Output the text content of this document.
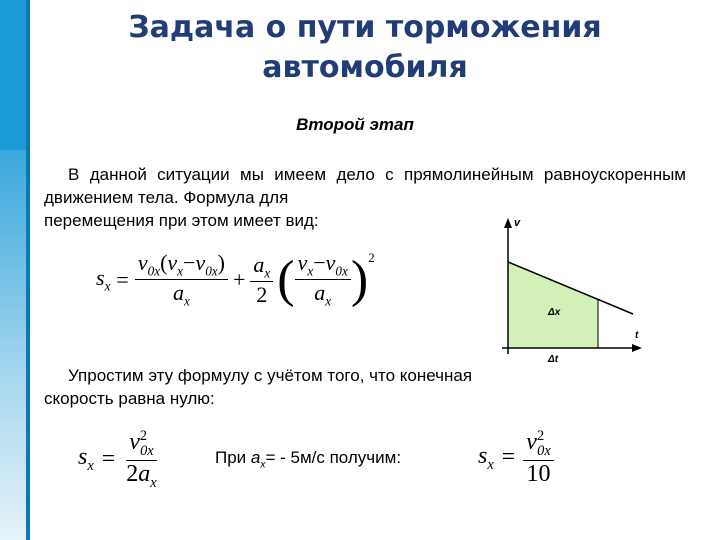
Задача о пути торможения
автомобиля
Второй этап
В данной ситуации мы имеем дело с прямолинейным равноускоренным движением тела. Формула для
перемещения при этом имеет вид:
$s_x = \frac{v_{0x}(v_x-v_{0x})}{a_x} + \frac{a_x}{2}$ ( $\frac{v_x-v_{0x}}{a_x} )^2$
v
t
Δx
Δt
Упростим эту формулу с учётом того, что конечная
скорость равна нулю:
$s_x = \frac{v^2_{0x}}{2a_x}$	При $a_x= - 5м/с$ получим:	$s_x = \frac{v^2_{0x}}{10}$
